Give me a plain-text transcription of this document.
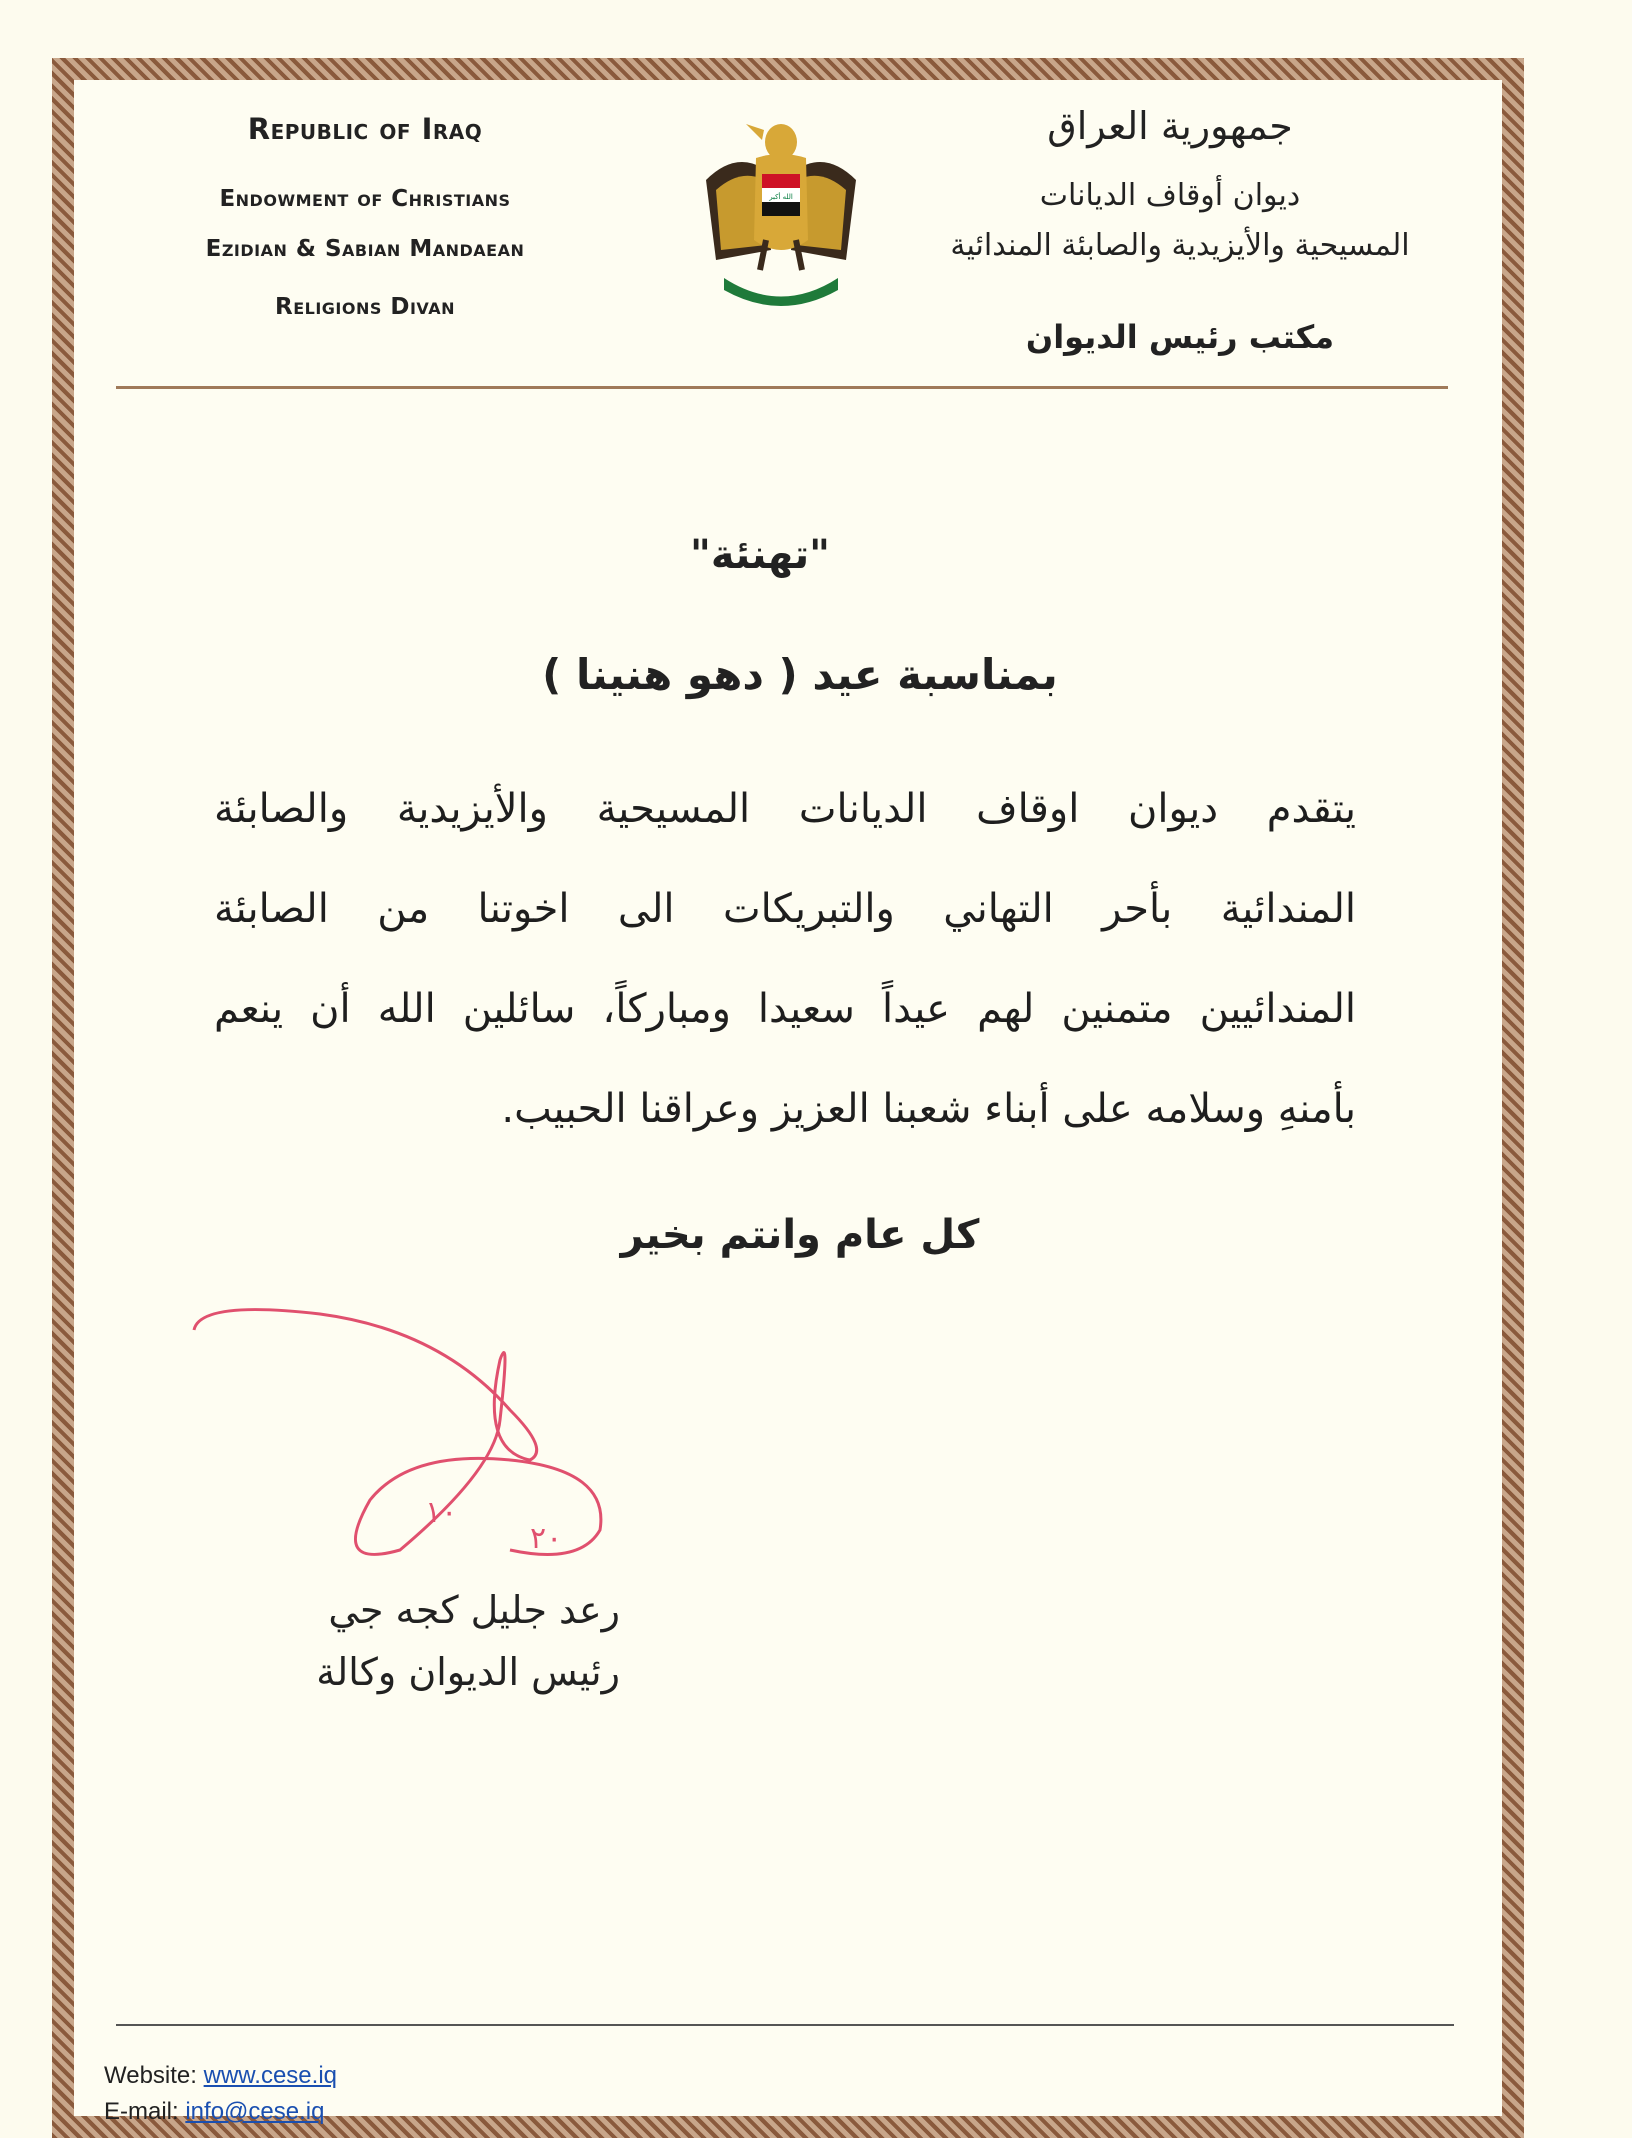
Republic of Iraq
Endowment of Christians
Ezidian & Sabian Mandaean
Religions Divan
الله أكبر
جمهورية العراق
ديوان أوقاف الديانات
المسيحية والأيزيدية والصابئة المندائية
مكتب رئيس الديوان
"تهنئة"
بمناسبة عيد ( دهو هنينا )
يتقدم ديوان اوقاف الديانات المسيحية والأيزيدية والصابئة
المندائية بأحر التهاني والتبريكات الى اخوتنا من الصابئة
المندائيين متمنين لهم عيداً سعيدا ومباركاً، سائلين الله أن ينعم
بأمنهِ وسلامه على أبناء شعبنا العزيز وعراقنا الحبيب.
كل عام وانتم بخير
١٠
٢٠
رعد جليل كجه جي
رئيس الديوان وكالة
Website: www.cese.iq
E-mail: info@cese.iq
